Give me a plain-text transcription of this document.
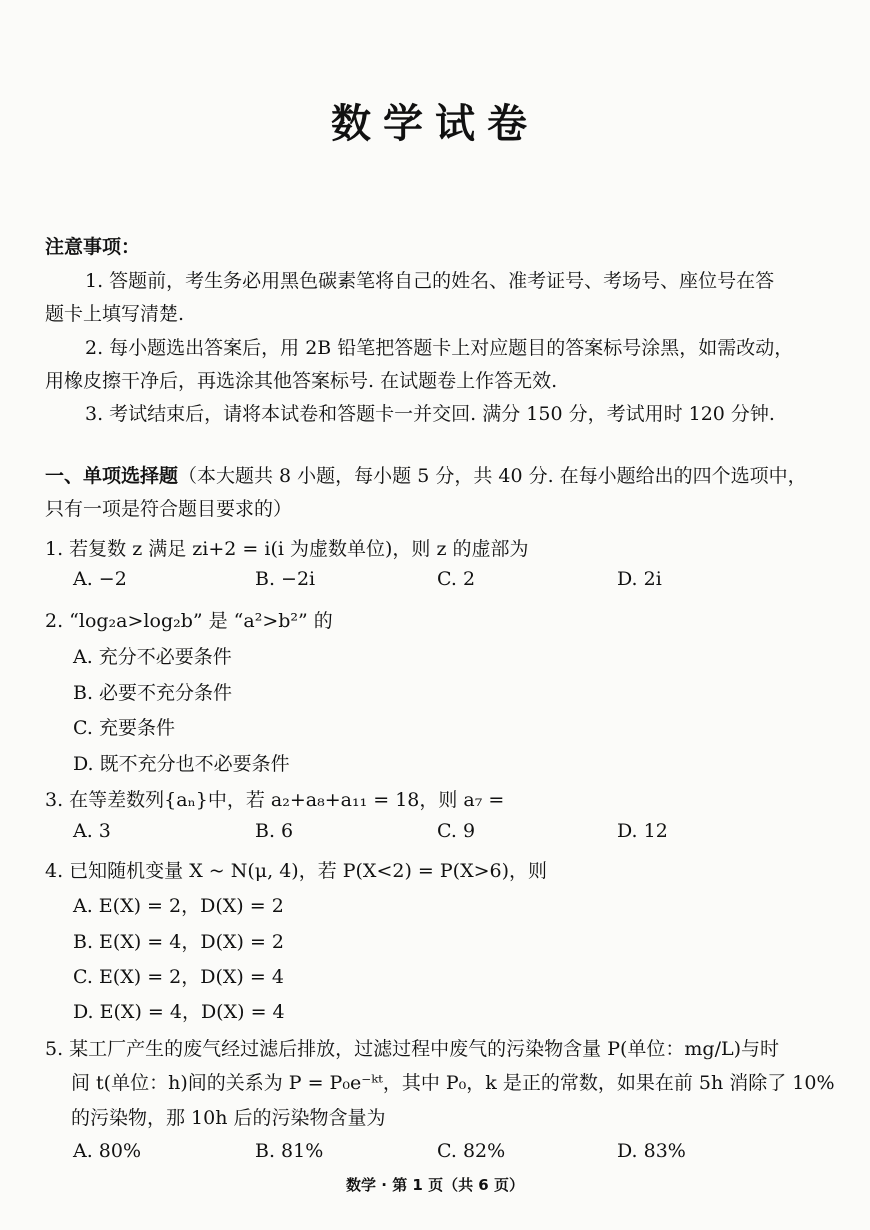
数学试卷
注意事项：
1. 答题前，考生务必用黑色碳素笔将自己的姓名、准考证号、考场号、座位号在答
题卡上填写清楚.
2. 每小题选出答案后，用 2B 铅笔把答题卡上对应题目的答案标号涂黑，如需改动，
用橡皮擦干净后，再选涂其他答案标号. 在试题卷上作答无效.
3. 考试结束后，请将本试卷和答题卡一并交回. 满分 150 分，考试用时 120 分钟.
一、单项选择题（本大题共 8 小题，每小题 5 分，共 40 分. 在每小题给出的四个选项中，
只有一项是符合题目要求的）
1. 若复数 z 满足 zi+2 = i(i 为虚数单位)，则 z 的虚部为
A. −2	B. −2i	C. 2	D. 2i
2. “log₂a>log₂b” 是 “a²>b²” 的
A. 充分不必要条件
B. 必要不充分条件
C. 充要条件
D. 既不充分也不必要条件
3. 在等差数列{aₙ}中，若 a₂+a₈+a₁₁ = 18，则 a₇ =
A. 3	B. 6	C. 9	D. 12
4. 已知随机变量 X ~ N(μ, 4)，若 P(X<2) = P(X>6)，则
A. E(X) = 2，D(X) = 2
B. E(X) = 4，D(X) = 2
C. E(X) = 2，D(X) = 4
D. E(X) = 4，D(X) = 4
5. 某工厂产生的废气经过滤后排放，过滤过程中废气的污染物含量 P(单位：mg/L)与时
间 t(单位：h)间的关系为 P = P₀e⁻ᵏᵗ，其中 P₀，k 是正的常数，如果在前 5h 消除了 10%
的污染物，那 10h 后的污染物含量为
A. 80%	B. 81%	C. 82%	D. 83%
数学 · 第 1 页（共 6 页）
